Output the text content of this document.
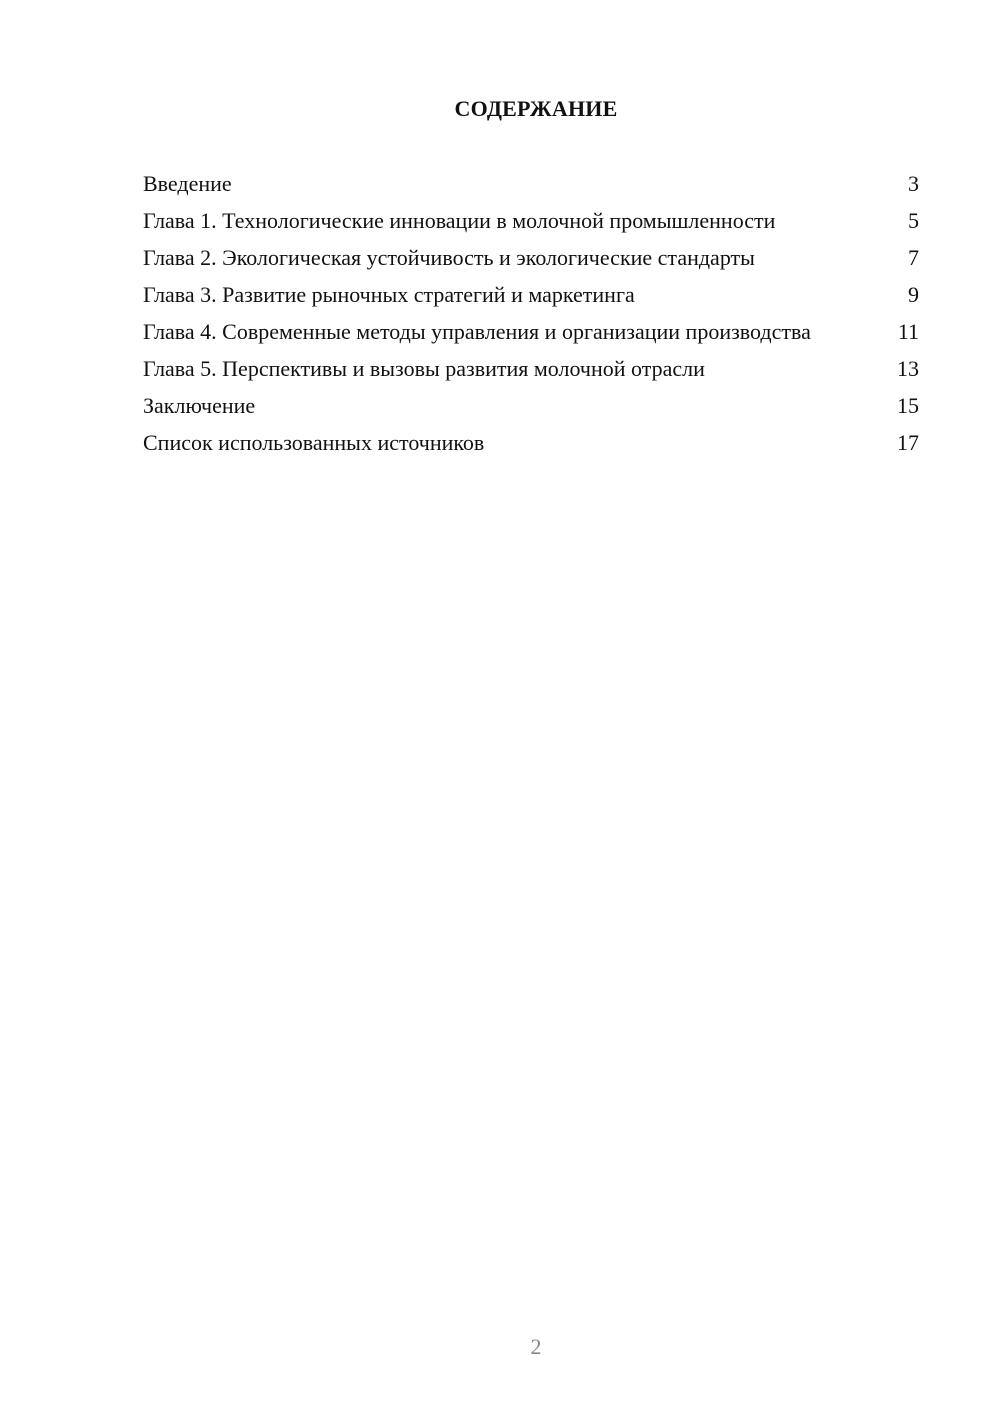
СОДЕРЖАНИЕ
Введение	3
Глава 1. Технологические инновации в молочной промышленности	5
Глава 2. Экологическая устойчивость и экологические стандарты	7
Глава 3. Развитие рыночных стратегий и маркетинга	9
Глава 4. Современные методы управления и организации производства	11
Глава 5. Перспективы и вызовы развития молочной отрасли	13
Заключение	15
Список использованных источников	17
2
